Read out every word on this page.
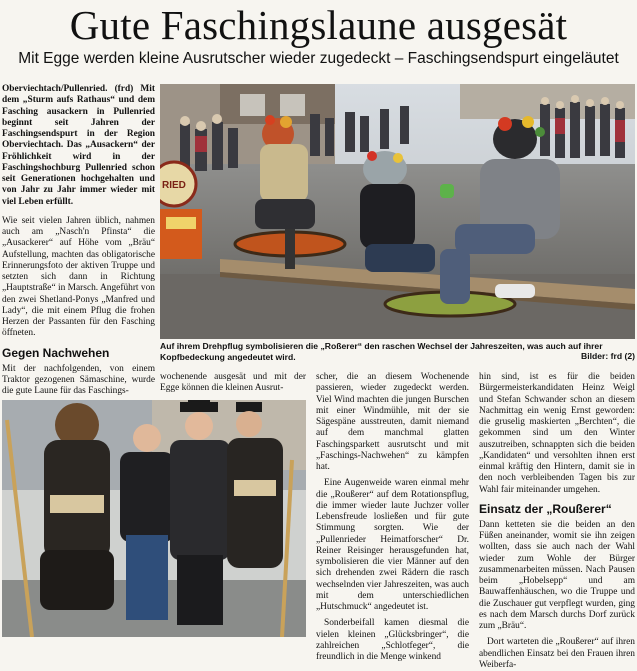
Gute Faschingslaune ausgesät
Mit Egge werden kleine Ausrutscher wieder zugedeckt – Faschingsendspurt eingeläutet

Oberviechtach/Pullenried. (frd) Mit dem „Sturm aufs Rathaus“ und dem Fasching ausackern in Pullenried beginnt seit Jahren der Faschingsendspurt in der Region Oberviechtach. Das „Ausackern“ der Fröhlichkeit wird in der Faschingshochburg Pullenried schon seit Generationen hochgehalten und von Jahr zu Jahr immer wieder mit viel Leben erfüllt.

Wie seit vielen Jahren üblich, nahmen auch am „Nasch'n Pfinsta“ die „Ausackerer“ auf Höhe vom „Bräu“ Aufstellung, machten das obligatorische Erinnerungsfoto der aktiven Truppe und setzten sich dann in Richtung „Hauptstraße“ in Marsch. Angeführt von den zwei Shetland-Ponys „Manfred und Lady“, die mit einem Pflug die frohen Herzen der Passanten für den Fasching öffneten.

Gegen Nachwehen

Mit der nachfolgenden, von einem Traktor gezogenen Sämaschine, wurde die gute Laune für das Faschings-

RIED
Auf ihrem Drehpflug symbolisieren die „Roßerer“ den raschen Wechsel der Jahreszeiten, was auch auf ihrer Kopfbedeckung angedeutet wird.	Bilder: frd (2)

wochenende ausgesät und mit der Egge können die kleinen Ausrut-

scher, die an diesem Wochenende passieren, wieder zugedeckt werden. Viel Wind machten die jungen Burschen mit einer Windmühle, mit der sie Sägespäne ausstreuten, damit niemand auf dem manchmal glatten Faschingsparkett ausrutscht und mit „Faschings-Nachwehen“ zu kämpfen hat.

Eine Augenweide waren einmal mehr die „Roußerer“ auf dem Rotationspflug, die immer wieder laute Juchzer voller Lebensfreude losließen und für gute Stimmung sorgten. Wie der „Pullenrieder Heimatforscher“ Dr. Reiner Reisinger herausgefunden hat, symbolisieren die vier Männer auf den sich drehenden zwei Rädern die rasch wechselnden vier Jahreszeiten, was auch mit dem unterschiedlichen „Hutschmuck“ angedeutet ist.

Sonderbeifall kamen diesmal die vielen kleinen „Glücksbringer“, die zahlreichen „Schlotfeger“, die freundlich in die Menge winkend

hin sind, ist es für die beiden Bürgermeisterkandidaten Heinz Weigl und Stefan Schwander schon an diesem Nachmittag ein wenig Ernst geworden: die gruselig maskierten „Berchten“, die gekommen sind um den Winter auszutreiben, schnappten sich die beiden „Kandidaten“ und versohlten ihnen erst einmal kräftig den Hintern, damit sie in den noch verbleibenden Tagen bis zur Wahl fair miteinander umgehen.

Einsatz der „Roußerer“

Dann ketteten sie die beiden an den Füßen aneinander, womit sie ihn zeigen wollten, dass sie auch nach der Wahl wieder zum Wohle der Bürger zusammenarbeiten müssen. Nach Pausen beim „Hobelsepp“ und am Bauwaffenhäuschen, wo die Truppe und die Zuschauer gut verpflegt wurden, ging es nach dem Marsch durchs Dorf zurück zum „Bräu“.

Dort warteten die „Roußerer“ auf ihren abendlichen Einsatz bei den Frauen ihren Weiberfa-
